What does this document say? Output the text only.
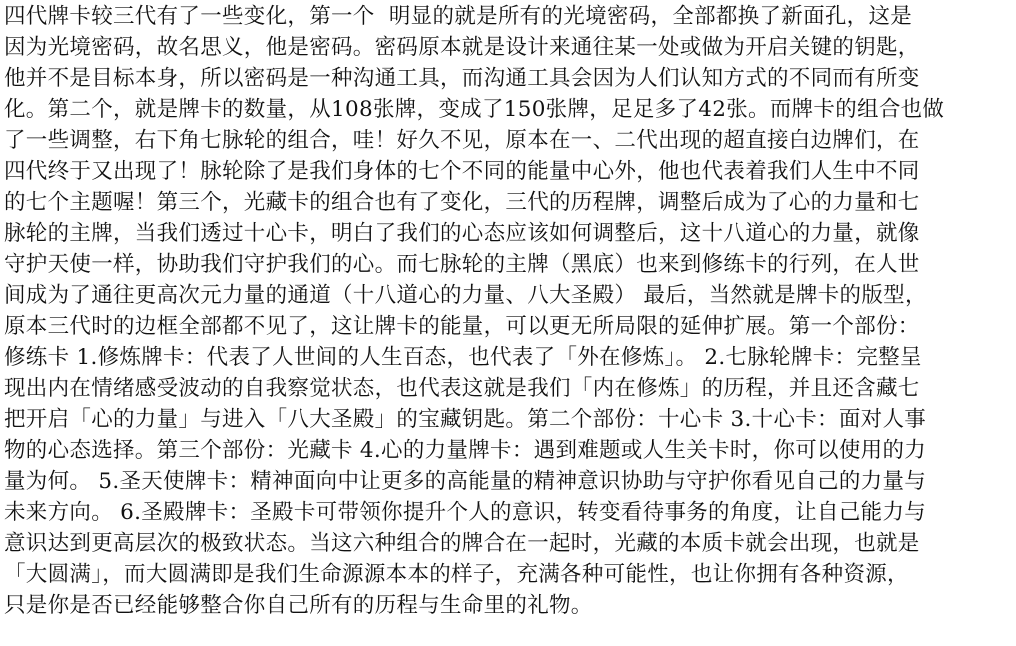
四代牌卡较三代有了一些变化，第一个  明显的就是所有的光境密码，全部都换了新面孔，这是
因为光境密码，故名思义，他是密码。密码原本就是设计来通往某一处或做为开启关键的钥匙，
他并不是目标本身，所以密码是一种沟通工具，而沟通工具会因为人们认知方式的不同而有所变
化。第二个，就是牌卡的数量，从108张牌，变成了150张牌，足足多了42张。而牌卡的组合也做
了一些调整，右下角七脉轮的组合，哇！好久不见，原本在一、二代出现的超直接白边牌们，在
四代终于又出现了！脉轮除了是我们身体的七个不同的能量中心外，他也代表着我们人生中不同
的七个主题喔！第三个，光藏卡的组合也有了变化，三代的历程牌，调整后成为了心的力量和七
脉轮的主牌，当我们透过十心卡，明白了我们的心态应该如何调整后，这十八道心的力量，就像
守护天使一样，协助我们守护我们的心。而七脉轮的主牌（黑底）也来到修练卡的行列，在人世
间成为了通往更高次元力量的通道（十八道心的力量、八大圣殿） 最后，当然就是牌卡的版型，
原本三代时的边框全部都不见了，这让牌卡的能量，可以更无所局限的延伸扩展。第一个部份：
修练卡 1.修炼牌卡：代表了人世间的人生百态，也代表了「外在修炼」。 2.七脉轮牌卡：完整呈
现出内在情绪感受波动的自我察觉状态，也代表这就是我们「内在修炼」的历程，并且还含藏七
把开启「心的力量」与进入「八大圣殿」的宝藏钥匙。第二个部份：十心卡 3.十心卡：面对人事
物的心态选择。第三个部份：光藏卡 4.心的力量牌卡：遇到难题或人生关卡时，你可以使用的力
量为何。 5.圣天使牌卡：精神面向中让更多的高能量的精神意识协助与守护你看见自己的力量与
未来方向。 6.圣殿牌卡：圣殿卡可带领你提升个人的意识，转变看待事务的角度，让自己能力与
意识达到更高层次的极致状态。当这六种组合的牌合在一起时，光藏的本质卡就会出现，也就是
「大圆满」，而大圆满即是我们生命源源本本的样子，充满各种可能性，也让你拥有各种资源，
只是你是否已经能够整合你自己所有的历程与生命里的礼物。
